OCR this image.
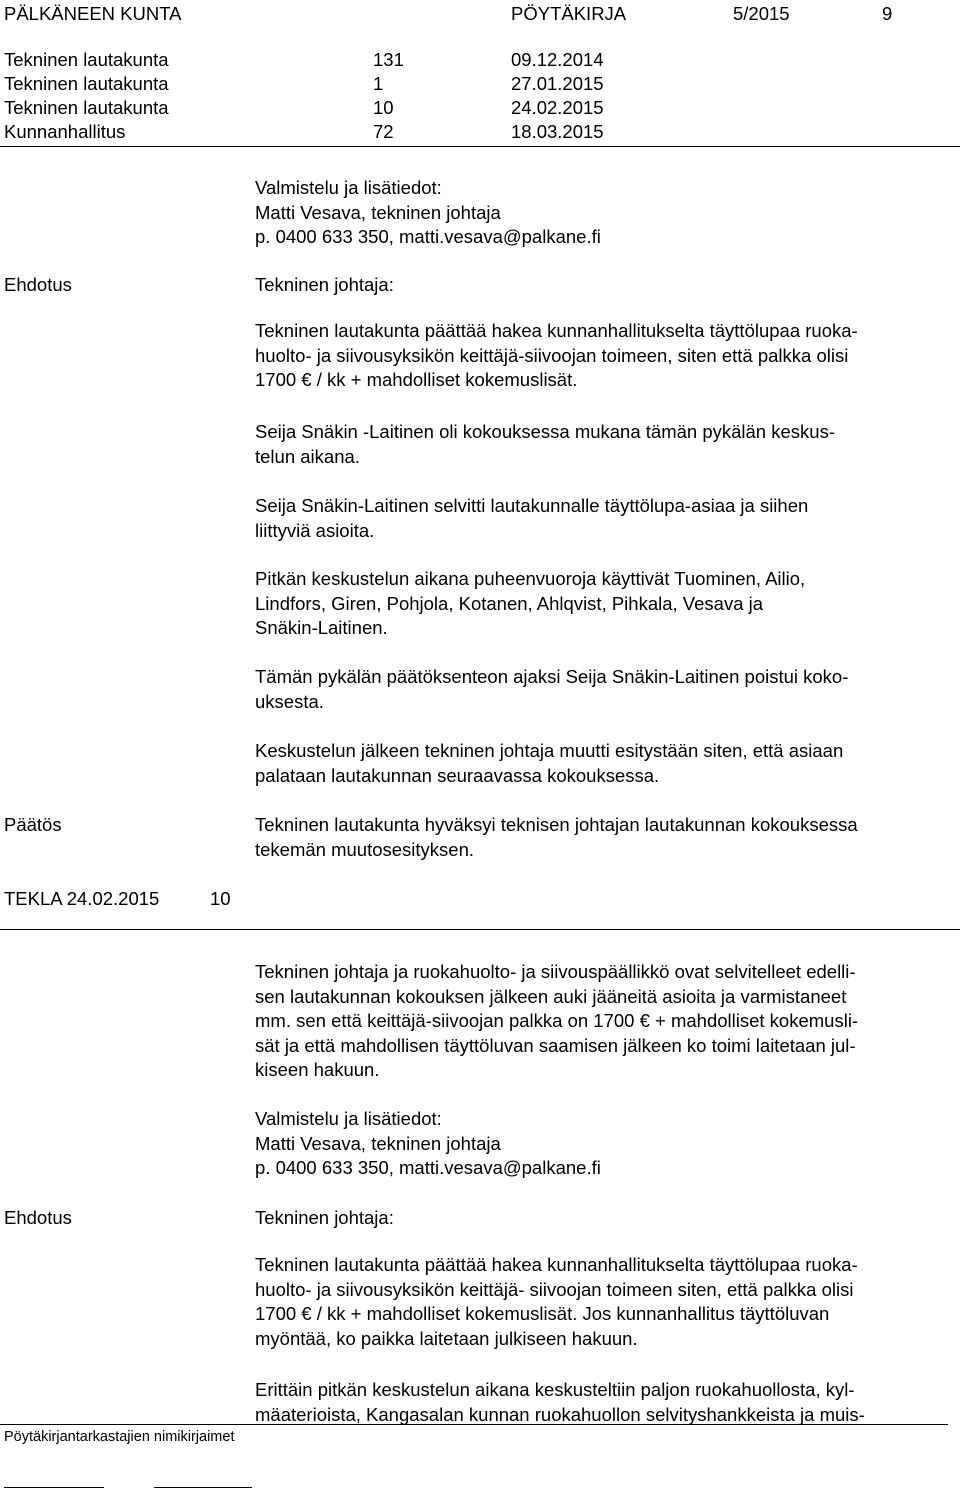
PÄLKÄNEEN KUNTA	PÖYTÄKIRJA	5/2015	9

Tekninen lautakunta	131	09.12.2014

Tekninen lautakunta	1	27.01.2015

Tekninen lautakunta	10	24.02.2015

Kunnanhallitus	72	18.03.2015

Valmistelu ja lisätiedot:
Matti Vesava, tekninen johtaja
p. 0400 633 350, matti.vesava@palkane.fi

Ehdotus	Tekninen johtaja:

Tekninen lautakunta päättää hakea kunnanhallitukselta täyttölupaa ruoka-
huolto- ja siivousyksikön keittäjä-siivoojan toimeen, siten että palkka olisi
1700 € / kk + mahdolliset kokemuslisät.
Seija Snäkin -Laitinen oli kokouksessa mukana tämän pykälän keskus-
telun aikana.
Seija Snäkin-Laitinen selvitti lautakunnalle täyttölupa-asiaa ja siihen
liittyviä asioita.
Pitkän keskustelun aikana puheenvuoroja käyttivät Tuominen, Ailio,
Lindfors, Giren, Pohjola, Kotanen, Ahlqvist, Pihkala, Vesava ja
Snäkin-Laitinen.
Tämän pykälän päätöksenteon ajaksi Seija Snäkin-Laitinen poistui koko-
uksesta.
Keskustelun jälkeen tekninen johtaja muutti esitystään siten, että asiaan
palataan lautakunnan seuraavassa kokouksessa.

Päätös	Tekninen lautakunta hyväksyi teknisen johtajan lautakunnan kokouksessa
tekemän muutosesityksen.

TEKLA 24.02.2015	10

Tekninen johtaja ja ruokahuolto- ja siivouspäällikkö ovat selvitelleet edelli-
sen lautakunnan kokouksen jälkeen auki jääneitä asioita ja varmistaneet
mm. sen että keittäjä-siivoojan palkka on 1700 € + mahdolliset kokemusli-
sät ja että mahdollisen täyttöluvan saamisen jälkeen ko toimi laitetaan jul-
kiseen hakuun.
Valmistelu ja lisätiedot:
Matti Vesava, tekninen johtaja
p. 0400 633 350, matti.vesava@palkane.fi

Ehdotus	Tekninen johtaja:

Tekninen lautakunta päättää hakea kunnanhallitukselta täyttölupaa ruoka-
huolto- ja siivousyksikön keittäjä- siivoojan toimeen siten, että palkka olisi
1700 € / kk + mahdolliset kokemuslisät. Jos kunnanhallitus täyttöluvan
myöntää, ko paikka laitetaan julkiseen hakuun.
Erittäin pitkän keskustelun aikana keskusteltiin paljon ruokahuollosta, kyl-
mäaterioista, Kangasalan kunnan ruokahuollon selvityshankkeista ja muis-

Pöytäkirjantarkastajien nimikirjaimet
